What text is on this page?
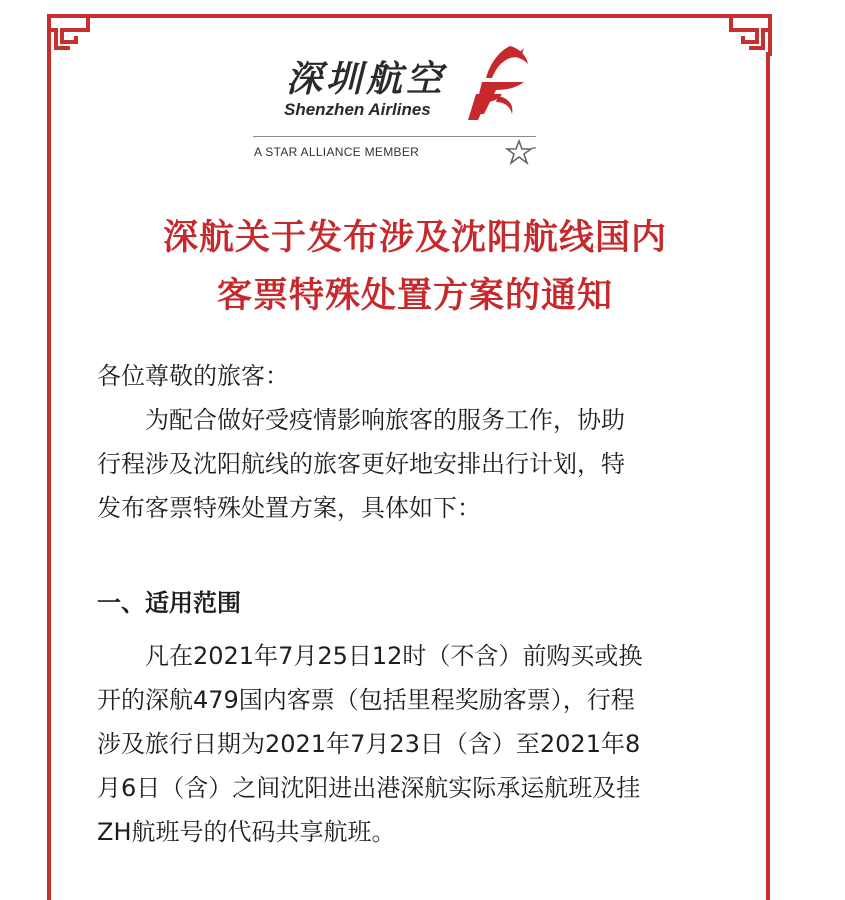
深圳航空
Shenzhen Airlines
A STAR ALLIANCE MEMBER
深航关于发布涉及沈阳航线国内
客票特殊处置方案的通知
各位尊敬的旅客：
为配合做好受疫情影响旅客的服务工作，协助
行程涉及沈阳航线的旅客更好地安排出行计划，特
发布客票特殊处置方案，具体如下：
一、适用范围
凡在2021年7月25日12时（不含）前购买或换
开的深航479国内客票（包括里程奖励客票），行程
涉及旅行日期为2021年7月23日（含）至2021年8
月6日（含）之间沈阳进出港深航实际承运航班及挂
ZH航班号的代码共享航班。
